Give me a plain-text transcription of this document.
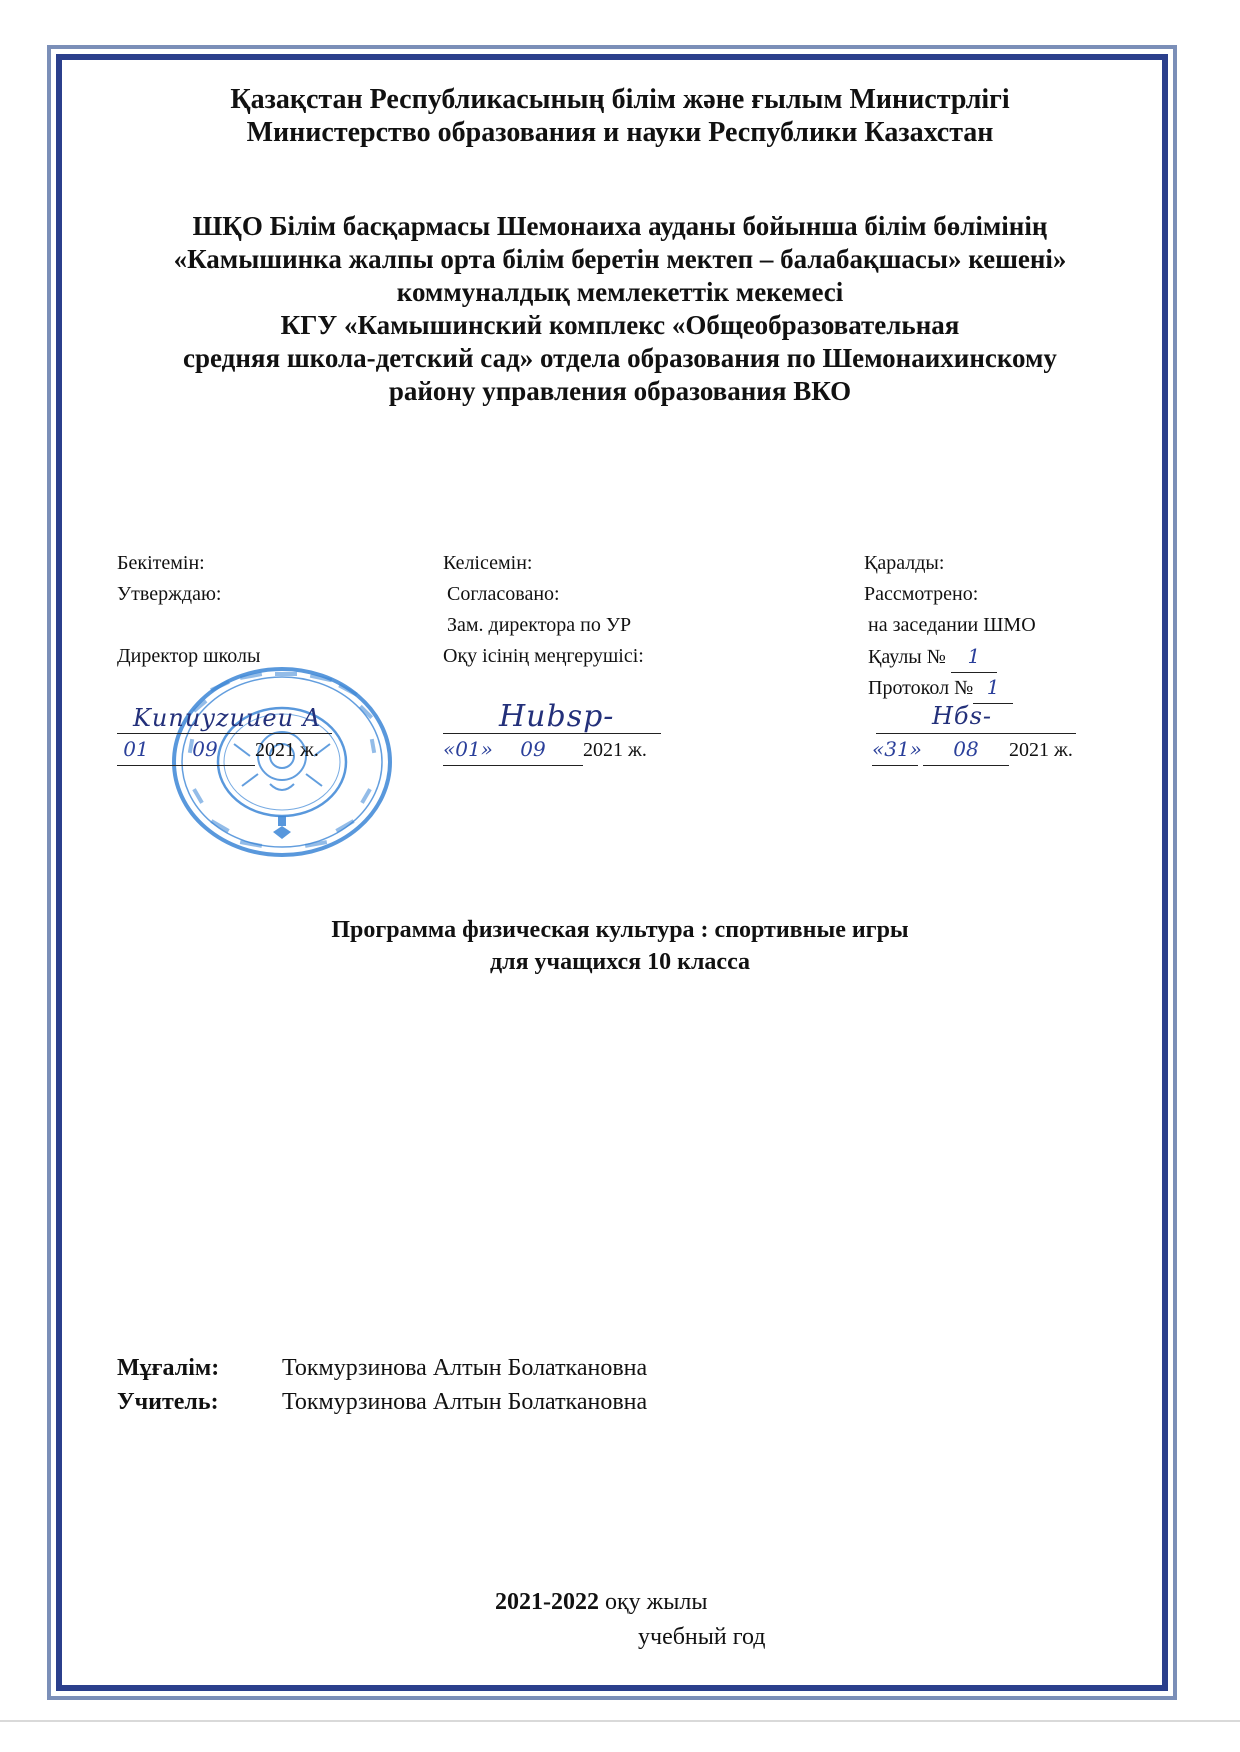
Қазақстан Республикасының білім және ғылым Министрлігі
Министерство образования и науки Республики Казахстан
ШҚО Білім басқармасы Шемонаиха ауданы бойынша білім бөлімінің
«Камышинка жалпы орта білім беретін мектеп – балабақшасы» кешені»
коммуналдық мемлекеттік мекемесі
КГУ «Камышинский комплекс «Общеобразовательная
средняя школа-детский сад» отдела образования по Шемонаихинскому
району управления образования ВКО
Бекітемін:
Утверждаю:
Директор школы
Kиnuyzuиeu A
01 09 2021 ж.
Келісемін:
Согласовано:
Зам. директора по УР
Оқу ісінің меңгерушісі:
Hиbsp-
«01» 09 2021 ж.
Қаралды:
Рассмотрено:
на заседании ШМО
Қаулы № 1
Протокол № 1
Hбs-
«31» 08 2021 ж.
Программа физическая культура : спортивные игры
для учащихся 10 класса
Мұғалім:	Токмурзинова Алтын Болаткановна
Учитель:	Токмурзинова Алтын Болаткановна
2021-2022 оқу жылы
учебный год
